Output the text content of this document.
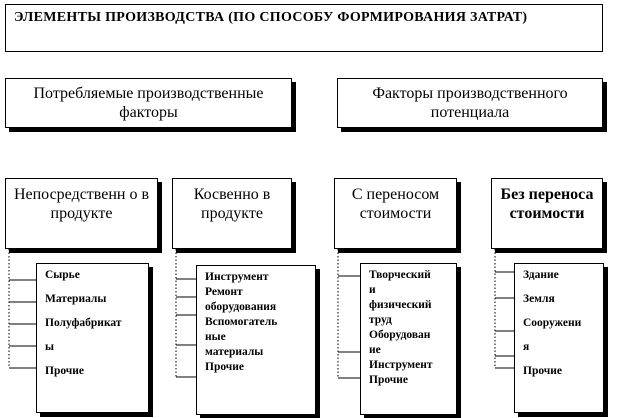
ЭЛЕМЕНТЫ ПРОИЗВОДСТВА (ПО СПОСОБУ ФОРМИРОВАНИЯ ЗАТРАТ)
Потребляемые производственные факторы
Факторы производственного потенциала
Непосредственн о в продукте
Косвенно в продукте
С переносом стоимости
Без переноса стоимости
Сырье
Материалы
Полуфабрикат
ы
Прочие
Инструмент
Ремонт
оборудования
Вспомогатель
ные
материалы
Прочие
Творческий
и
физический
труд
Оборудован
ие
Инструмент
Прочие
Здание
Земля
Сооружени
я
Прочие
